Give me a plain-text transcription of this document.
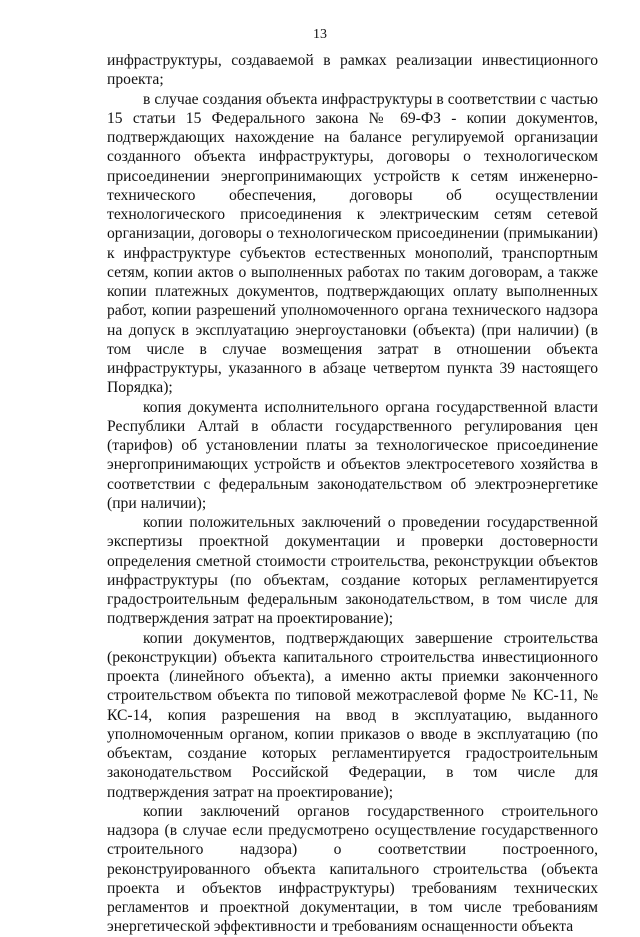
13

инфраструктуры, создаваемой в рамках реализации инвестиционного проекта;

в случае создания объекта инфраструктуры в соответствии с частью 15 статьи 15 Федерального закона № 69-ФЗ - копии документов, подтверждающих нахождение на балансе регулируемой организации созданного объекта инфраструктуры, договоры о технологическом присоединении энергопринимающих устройств к сетям инженерно-технического обеспечения, договоры об осуществлении технологического присоединения к электрическим сетям сетевой организации, договоры о технологическом присоединении (примыкании) к инфраструктуре субъектов естественных монополий, транспортным сетям, копии актов о выполненных работах по таким договорам, а также копии платежных документов, подтверждающих оплату выполненных работ, копии разрешений уполномоченного органа технического надзора на допуск в эксплуатацию энергоустановки (объекта) (при наличии) (в том числе в случае возмещения затрат в отношении объекта инфраструктуры, указанного в абзаце четвертом пункта 39 настоящего Порядка);

копия документа исполнительного органа государственной власти Республики Алтай в области государственного регулирования цен (тарифов) об установлении платы за технологическое присоединение энергопринимающих устройств и объектов электросетевого хозяйства в соответствии с федеральным законодательством об электроэнергетике (при наличии);

копии положительных заключений о проведении государственной экспертизы проектной документации и проверки достоверности определения сметной стоимости строительства, реконструкции объектов инфраструктуры (по объектам, создание которых регламентируется градостроительным федеральным законодательством, в том числе для подтверждения затрат на проектирование);

копии документов, подтверждающих завершение строительства (реконструкции) объекта капитального строительства инвестиционного проекта (линейного объекта), а именно акты приемки законченного строительством объекта по типовой межотраслевой форме № КС-11, № КС-14, копия разрешения на ввод в эксплуатацию, выданного уполномоченным органом, копии приказов о вводе в эксплуатацию (по объектам, создание которых регламентируется градостроительным законодательством Российской Федерации, в том числе для подтверждения затрат на проектирование);

копии заключений органов государственного строительного надзора (в случае если предусмотрено осуществление государственного строительного надзора) о соответствии построенного, реконструированного объекта капитального строительства (объекта проекта и объектов инфраструктуры) требованиям технических регламентов и проектной документации, в том числе требованиям энергетической эффективности и требованиям оснащенности объекта
